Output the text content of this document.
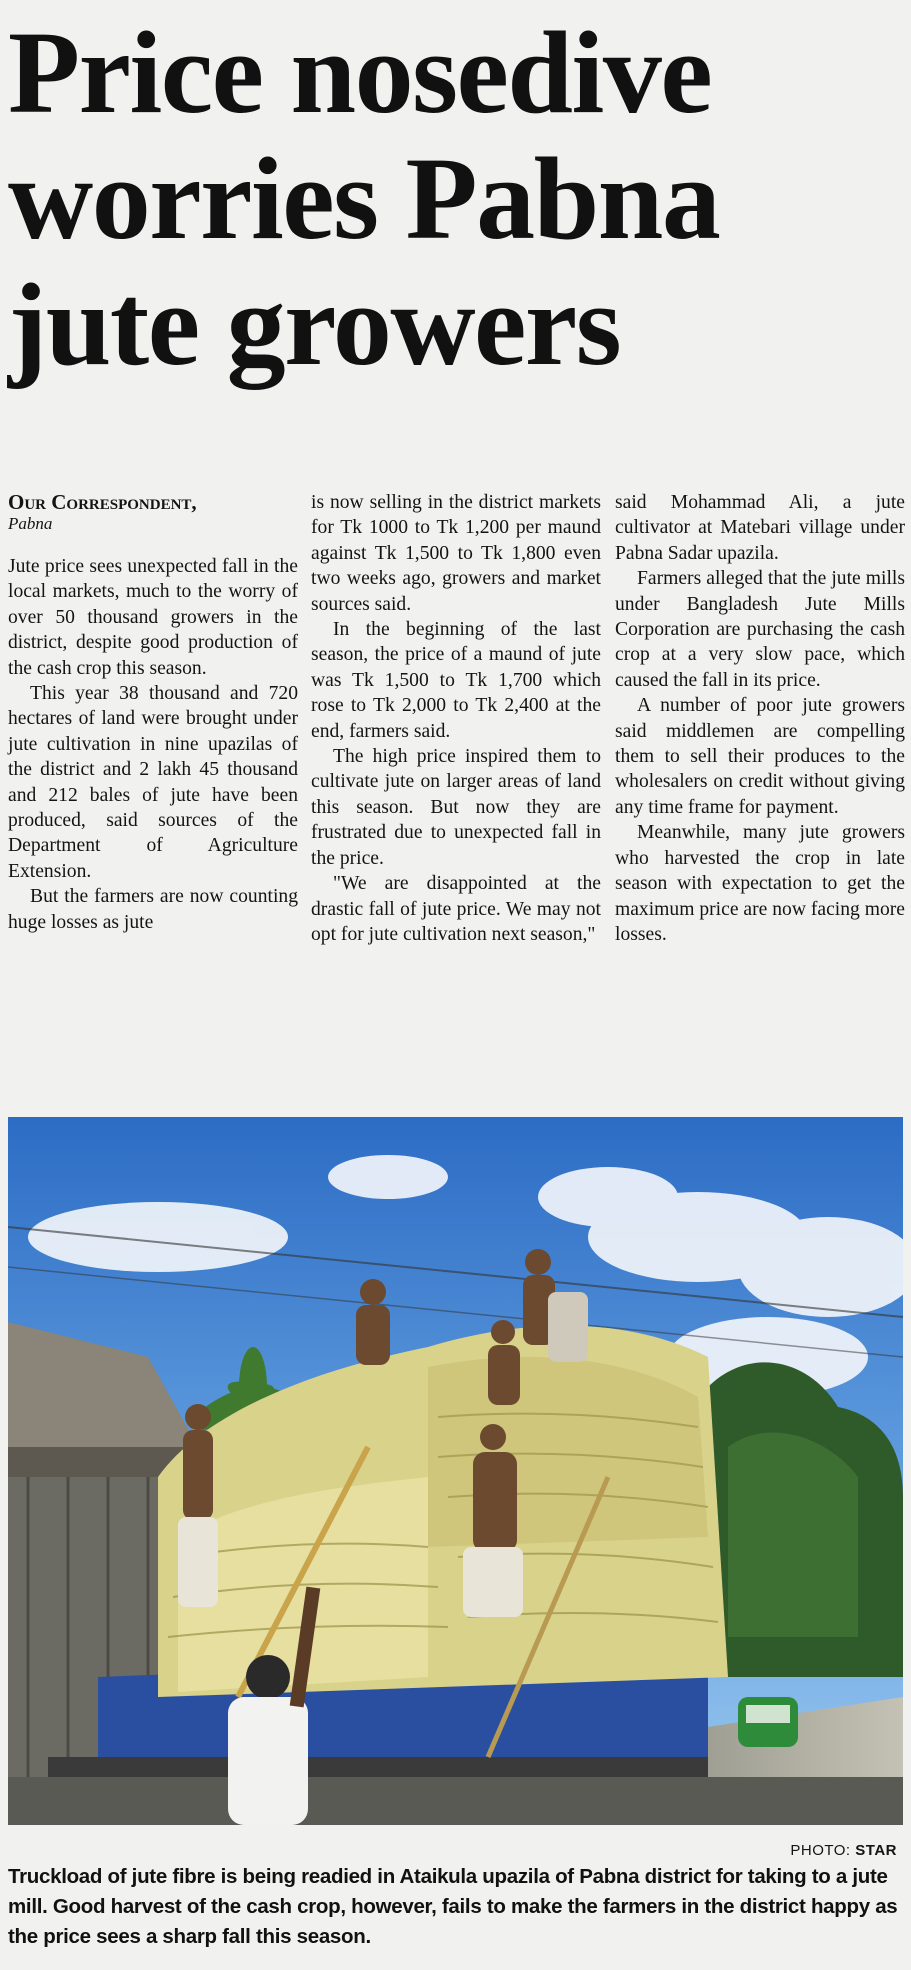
Price nosedive
worries Pabna
jute growers
Our Correspondent,
Pabna

Jute price sees unexpected fall in the local markets, much to the worry of over 50 thousand growers in the district, despite good production of the cash crop this season.

This year 38 thousand and 720 hectares of land were brought under jute cultivation in nine upazilas of the district and 2 lakh 45 thousand and 212 bales of jute have been produced, said sources of the Department of Agriculture Extension.

But the farmers are now counting huge losses as jute

is now selling in the district markets for Tk 1000 to Tk 1,200 per maund against Tk 1,500 to Tk 1,800 even two weeks ago, growers and market sources said.

In the beginning of the last season, the price of a maund of jute was Tk 1,500 to Tk 1,700 which rose to Tk 2,000 to Tk 2,400 at the end, farmers said.

The high price inspired them to cultivate jute on larger areas of land this season. But now they are frustrated due to unexpected fall in the price.

"We are disappointed at the drastic fall of jute price. We may not opt for jute cultivation next season,"

said Mohammad Ali, a jute cultivator at Matebari village under Pabna Sadar upazila.

Farmers alleged that the jute mills under Bangladesh Jute Mills Corporation are purchasing the cash crop at a very slow pace, which caused the fall in its price.

A number of poor jute growers said middlemen are compelling them to sell their produces to the wholesalers on credit without giving any time frame for payment.

Meanwhile, many jute growers who harvested the crop in late season with expectation to get the maximum price are now facing more losses.

PHOTO: STAR
Truckload of jute fibre is being readied in Ataikula upazila of Pabna district for taking to a jute mill. Good harvest of the cash crop, however, fails to make the farmers in the district happy as the price sees a sharp fall this season.
